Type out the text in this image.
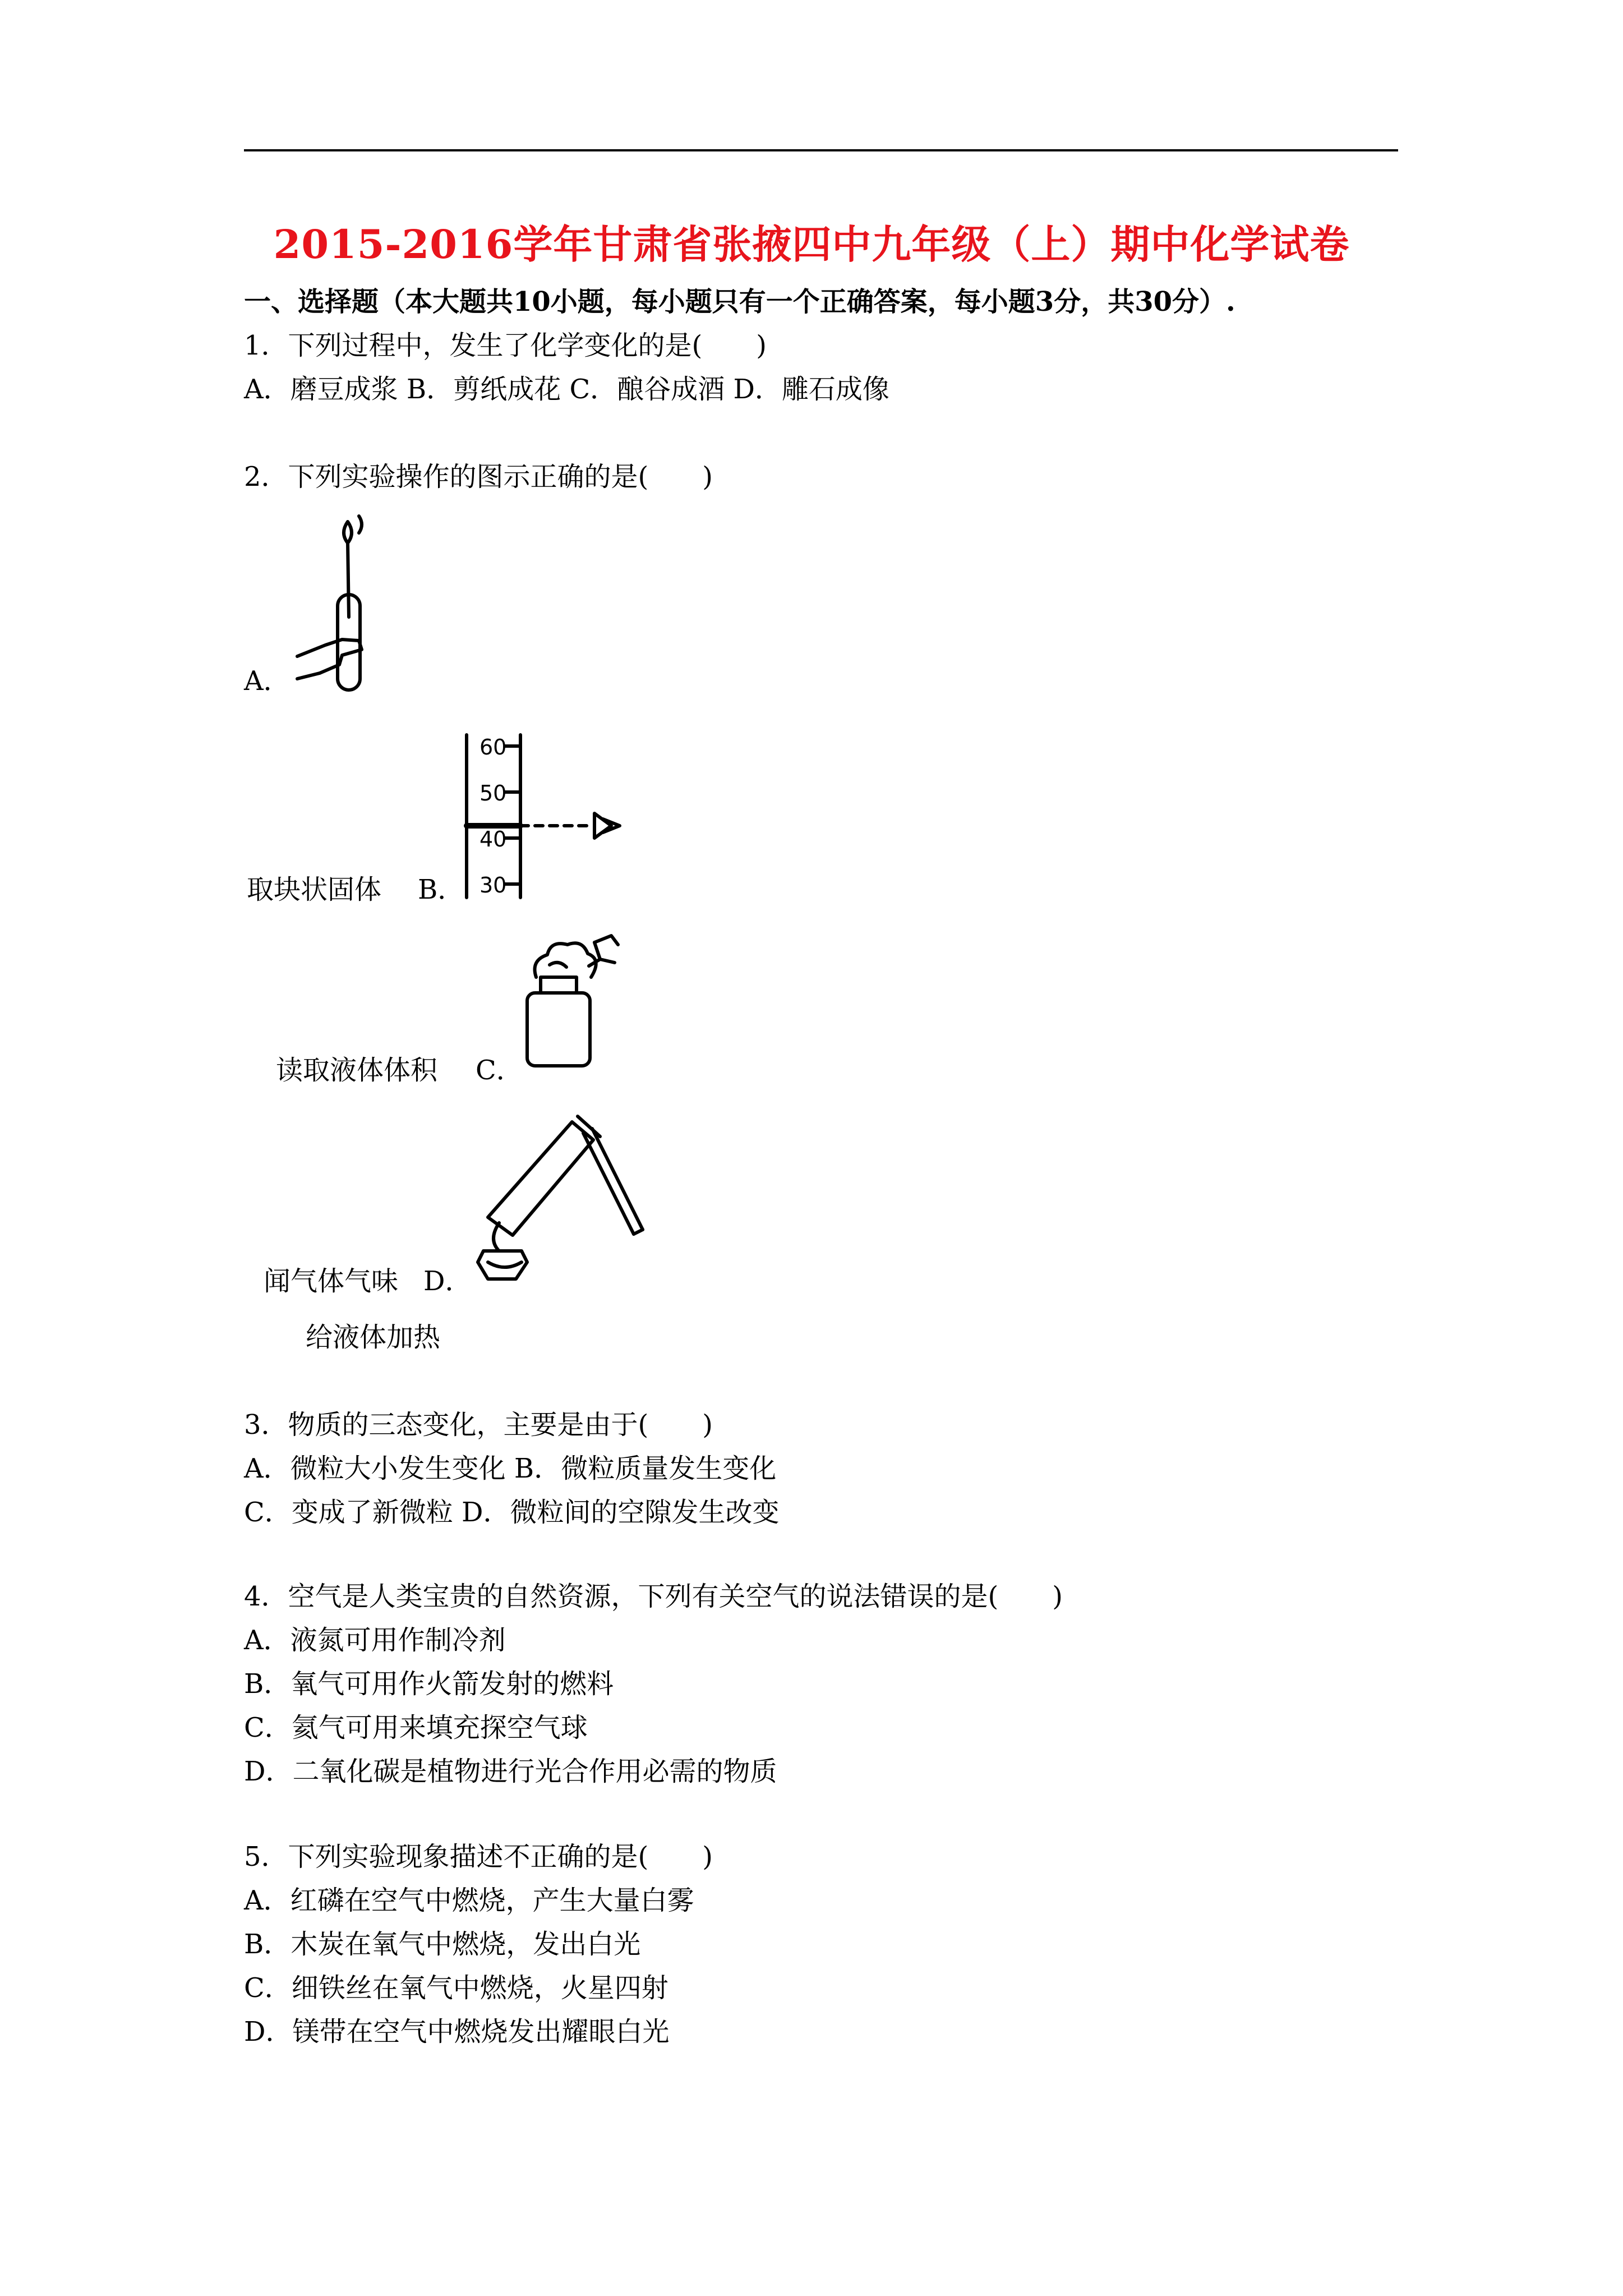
2015-2016学年甘肃省张掖四中九年级（上）期中化学试卷
一、选择题（本大题共10小题，每小题只有一个正确答案，每小题3分，共30分）.
1．下列过程中，发生了化学变化的是(　　)
A．磨豆成浆 B．剪纸成花 C．酿谷成酒 D．雕石成像
2．下列实验操作的图示正确的是(　　)
A．
60
50
40
30
取块状固体 B．
读取液体体积 C．
闻气体气味 D．
给液体加热
3．物质的三态变化，主要是由于(　　)
A．微粒大小发生变化 B．微粒质量发生变化
C．变成了新微粒 D．微粒间的空隙发生改变
4．空气是人类宝贵的自然资源，下列有关空气的说法错误的是(　　)
A．液氮可用作制冷剂
B．氧气可用作火箭发射的燃料
C．氦气可用来填充探空气球
D．二氧化碳是植物进行光合作用必需的物质
5．下列实验现象描述不正确的是(　　)
A．红磷在空气中燃烧，产生大量白雾
B．木炭在氧气中燃烧，发出白光
C．细铁丝在氧气中燃烧，火星四射
D．镁带在空气中燃烧发出耀眼白光
